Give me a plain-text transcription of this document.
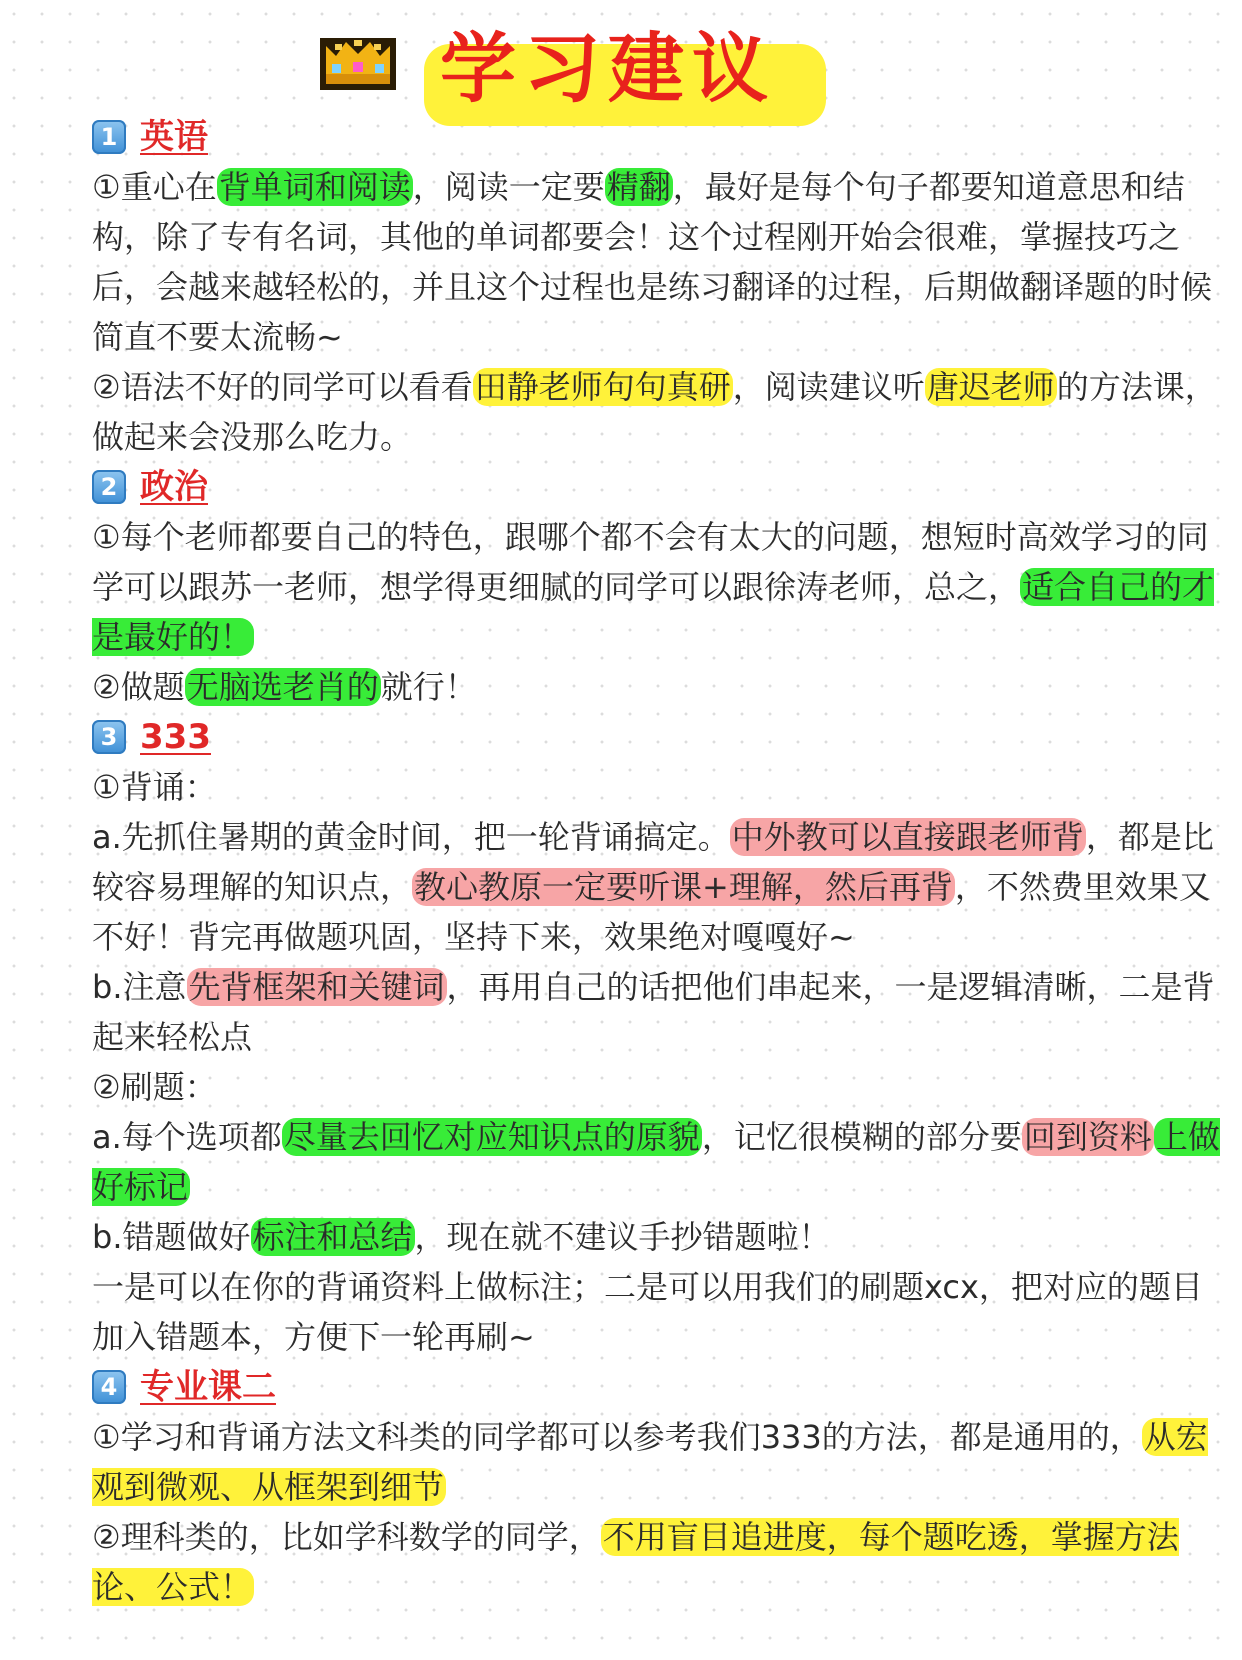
学习建议
1 英语

①重心在背单词和阅读，阅读一定要精翻，最好是每个句子都要知道意思和结构，除了专有名词，其他的单词都要会！这个过程刚开始会很难，掌握技巧之后，会越来越轻松的，并且这个过程也是练习翻译的过程，后期做翻译题的时候简直不要太流畅~

②语法不好的同学可以看看田静老师句句真研，阅读建议听唐迟老师的方法课，做起来会没那么吃力。

2 政治

①每个老师都要自己的特色，跟哪个都不会有太大的问题，想短时高效学习的同学可以跟苏一老师，想学得更细腻的同学可以跟徐涛老师，总之，适合自己的才是最好的！

②做题无脑选老肖的就行！

3 333

①背诵：

a.先抓住暑期的黄金时间，把一轮背诵搞定。中外教可以直接跟老师背，都是比较容易理解的知识点，教心教原一定要听课+理解，然后再背，不然费里效果又不好！背完再做题巩固，坚持下来，效果绝对嘎嘎好~

b.注意先背框架和关键词，再用自己的话把他们串起来，一是逻辑清晰，二是背起来轻松点

②刷题：

a.每个选项都尽量去回忆对应知识点的原貌，记忆很模糊的部分要回到资料 上做好标记

b.错题做好标注和总结，现在就不建议手抄错题啦！

一是可以在你的背诵资料上做标注；二是可以用我们的刷题xcx，把对应的题目加入错题本，方便下一轮再刷~

4 专业课二

①学习和背诵方法文科类的同学都可以参考我们333的方法，都是通用的，从宏观到微观、从框架到细节

②理科类的，比如学科数学的同学，不用盲目追进度，每个题吃透，掌握方法论、公式！
